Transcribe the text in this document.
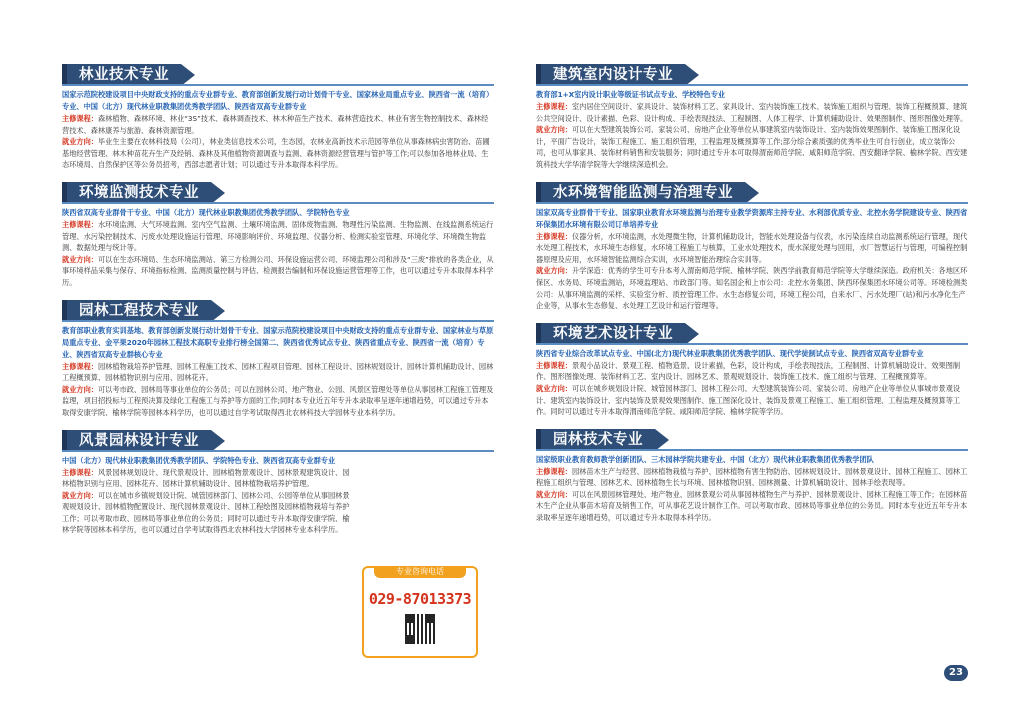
林业技术专业
国家示范院校建设项目中央财政支持的重点专业群专业、教育部创新发展行动计划骨干专业、国家林业局重点专业、陕西省一流（培育）专业、中国（北方）现代林业职教集团优秀教学团队、陕西省双高专业群专业

主修课程：森林植物、森林环境、林业“3S”技术、森林调查技术、林木种苗生产技术、森林营造技术、林业有害生物控制技术、森林经营技术、森林康养与旅游、森林资源管理。

就业方向：毕业生主要在农林科技局（公司），林业类信息技术公司，生态园，农林业高新技术示范园等单位从事森林病虫害防治、苗圃基地经营管理、林木种苗花卉生产及经销、森林及其他植物资源调查与监测、森林资源经营管理与管护等工作;可以参加各地林业局、生态环境局、自然保护区等公务员招考，西部志愿者计划；可以通过专升本取得本科学历。

环境监测技术专业
陕西省双高专业群骨干专业、中国（北方）现代林业职教集团优秀教学团队、学院特色专业

主修课程：水环境监测、大气环境监测、室内空气监测、土壤环境监测、固体废物监测、物理性污染监测、生物监测、在线监测系统运行管理、水污染控制技术、污废水处理设施运行管理、环境影响评价、环境监理、仪器分析、检测实验室管理、环境化学、环境微生物监测、数据处理与统计等。

就业方向：可以在生态环境局、生态环境监测站、第三方检测公司、环保设施运营公司、环境监理公司和涉及“三废”排放的各类企业，从事环境样品采集与保存、环境指标检测、监测质量控制与评估、检测报告编制和环保设施运营管理等工作，也可以通过专升本取得本科学历。

园林工程技术专业
教育部职业教育实训基地、教育部创新发展行动计划骨干专业、国家示范院校建设项目中央财政支持的重点专业群专业、国家林业与草原局重点专业、金平果2020年园林工程技术高职专业排行榜全国第二、陕西省优秀试点专业、陕西省重点专业、陕西省一流（培育）专业、陕西省双高专业群核心专业

主修课程：园林植物栽培养护管理、园林工程施工技术、园林工程项目管理、园林工程设计、园林规划设计、园林计算机辅助设计、园林工程概预算、园林植物识别与应用、园林花卉。

就业方向：可以考市政、园林局等事业单位的公务员；可以在园林公司、地产物业、公园、风景区管理处等单位从事园林工程施工管理及监理，项目招投标与工程预决算及绿化工程施工与养护等方面的工作;同时本专业近五年专升本录取率呈逐年递增趋势，可以通过专升本取得安康学院、榆林学院等园林本科学历，也可以通过自学考试取得西北农林科技大学园林专业本科学历。

风景园林设计专业
中国（北方）现代林业职教集团优秀教学团队、学院特色专业、陕西省双高专业群专业

主修课程：风景园林规划设计、现代景观设计、园林植物景观设计、园林景观建筑设计、园林植物识别与应用、园林花卉、园林计算机辅助设计、园林植物栽培养护管理。

就业方向：可以在城市乡镇规划设计院、城管园林部门、园林公司、公园等单位从事园林景观规划设计、园林植物配置设计、现代园林景观设计、园林工程绘图及园林植物栽培与养护工作；可以考取市政、园林局等事业单位的公务员；同时可以通过专升本取得安康学院、榆林学院等园林本科学历，也可以通过自学考试取得西北农林科技大学园林专业本科学历。

建筑室内设计专业
教育部1+X室内设计职业等级证书试点专业、学校特色专业

主修课程：室内居住空间设计、家具设计、装饰材料工艺、家具设计、室内装饰施工技术、装饰施工组织与管理、装饰工程概预算、建筑公共空间设计、设计素描、色彩、设计构成、手绘表现技法、工程制图、人体工程学、计算机辅助设计、效果图制作、图形图像处理等。

就业方向：可以在大型建筑装饰公司、家装公司、房地产企业等单位从事建筑室内装饰设计、室内装饰效果图制作、装饰施工图深化设计，平面广告设计，装饰工程施工、施工组织管理，工程监理及概预算等工作;部分综合素质强的优秀毕业生可自行创业，成立装饰公司，也可从事家具、装饰材料销售和安装服务；同时通过专升本可取得渭南师范学院、咸阳师范学院、西安翻译学院、榆林学院、西安建筑科技大学华清学院等大学继续深造机会。

水环境智能监测与治理专业
国家双高专业群骨干专业、国家职业教育水环境监测与治理专业教学资源库主持专业、水利部优质专业、北控水务学院建设专业、陕西省环保集团水环境有限公司订单培养专业

主修课程：仪器分析，水环境监测，水处理微生物，计算机辅助设计，智能水处理设备与仪表，水污染连续自动监测系统运行管理，现代水处理工程技术，水环境生态修复，水环境工程施工与核算，工业水处理技术，废水深度处理与回用，水厂智慧运行与管理，可编程控制器原理及应用，水环境智能监测综合实训，水环境智能治理综合实训等。

就业方向：升学深造：优秀的学生可专升本考入渭南师范学院、榆林学院、陕西学前教育师范学院等大学继续深造。政府机关：各地区环保区、水务局、环境监测站，环境监理站、市政部门等。知名国企和上市公司：北控水务集团、陕西环保集团水环境公司等。环境检测类公司：从事环境监测的采样、实验室分析、质控管理工作。水生态修复公司，环境工程公司，自来水厂、污水处理厂(站)和污水净化生产企业等，从事水生态修复、水处理工艺设计和运行管理等。

环境艺术设计专业
陕西省专业综合改革试点专业、中国(北方)现代林业职教集团优秀教学团队、现代学徒制试点专业、陕西省双高专业群专业

主修课程：景观小品设计、景观工程、植物造景，设计素描，色彩，设计构成，手绘表现技法，工程制图、计算机辅助设计、效果图制作、图形图像处理、装饰材料工艺、室内设计、园林艺术、景观规划设计、装饰施工技术、施工组织与管理、工程概预算等。

就业方向：可以在城乡规划设计院、城管园林部门、园林工程公司、大型建筑装饰公司、家装公司、房地产企业等单位从事城市景观设计、建筑室内装饰设计、室内装饰及景观效果图制作、施工图深化设计、装饰及景观工程施工、施工组织管理、工程监理及概预算等工作。同时可以通过专升本取得渭南师范学院、咸阳师范学院、榆林学院等学历。

园林技术专业
国家级职业教育教师教学创新团队、三木园林学院共建专业、中国（北方）现代林业职教集团优秀教学团队

主修课程：园林苗木生产与经营、园林植物栽植与养护、园林植物有害生物防治、园林规划设计、园林景观设计、园林工程施工、园林工程施工组织与管理、园林艺术、园林植物生长与环境、园林植物识别、园林测量、计算机辅助设计、园林手绘表现等。

就业方向：可以在风景园林管理处、地产物业、园林景观公司从事园林植物生产与养护、园林景观设计、园林工程施工等工作；在园林苗木生产企业从事苗木培育及销售工作，可从事花艺设计制作工作。可以考取市政、园林局等事业单位的公务员。同时本专业近五年专升本录取率呈逐年递增趋势，可以通过专升本取得本科学历。

专业咨询电话
029-87013373
23
